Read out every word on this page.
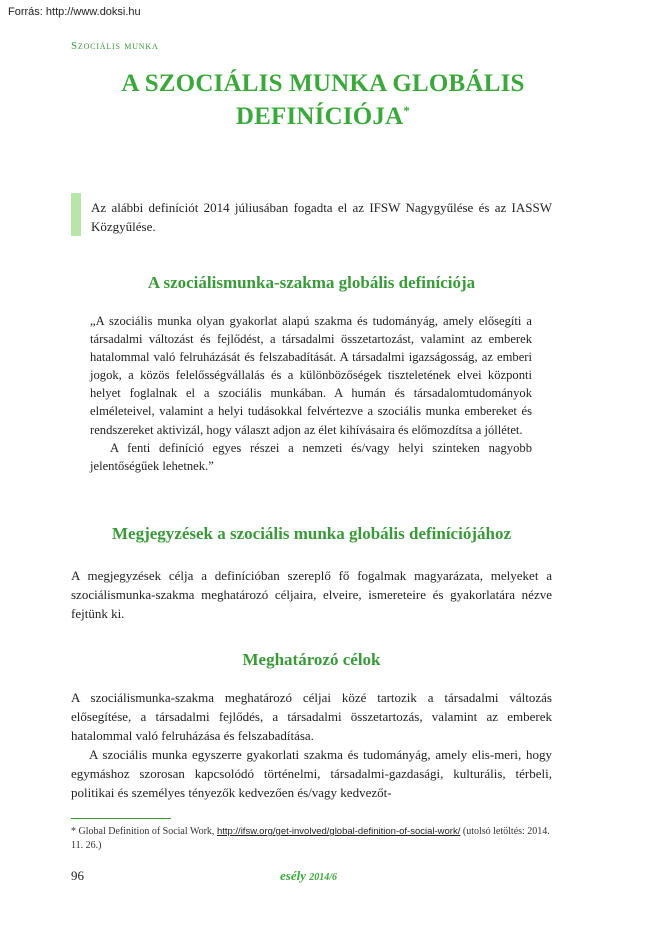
Forrás: http://www.doksi.hu
Szociális munka
A SZOCIÁLIS MUNKA GLOBÁLIS
DEFINÍCIÓJA*
Az alábbi definíciót 2014 júliusában fogadta el az IFSW Nagygyűlése és az IASSW Közgyűlése.
A szociálismunka-szakma globális definíciója

„A szociális munka olyan gyakorlat alapú szakma és tudományág, amely elősegíti a társadalmi változást és fejlődést, a társadalmi összetartozást, valamint az emberek hatalommal való felruházását és felszabadítását. A társadalmi igazságosság, az emberi jogok, a közös felelősségvállalás és a különbözőségek tiszteletének elvei központi helyet foglalnak el a szociális munkában. A humán és társadalomtudományok elméleteivel, valamint a helyi tudásokkal felvértezve a szociális munka embereket és rendszereket aktivizál, hogy választ adjon az élet kihívásaira és előmozdítsa a jóllétet.

A fenti definíció egyes részei a nemzeti és/vagy helyi szinteken nagyobb jelentőségűek lehetnek.”

Megjegyzések a szociális munka globális definíciójához
A megjegyzések célja a definícióban szereplő fő fogalmak magyarázata, melyeket a szociálismunka-szakma meghatározó céljaira, elveire, ismereteire és gyakorlatára nézve fejtünk ki.
Meghatározó célok

A szociálismunka-szakma meghatározó céljai közé tartozik a társadalmi változás elősegítése, a társadalmi fejlődés, a társadalmi összetartozás, valamint az emberek hatalommal való felruházása és felszabadítása.

A szociális munka egyszerre gyakorlati szakma és tudományág, amely elis-meri, hogy egymáshoz szorosan kapcsolódó történelmi, társadalmi-gazdasági, kulturális, térbeli, politikai és személyes tényezők kedvezően és/vagy kedvezőt-

* Global Definition of Social Work, http://ifsw.org/get-involved/global-definition-of-social-work/ (utolsó letöltés: 2014. 11. 26.)
96	esély 2014/6
